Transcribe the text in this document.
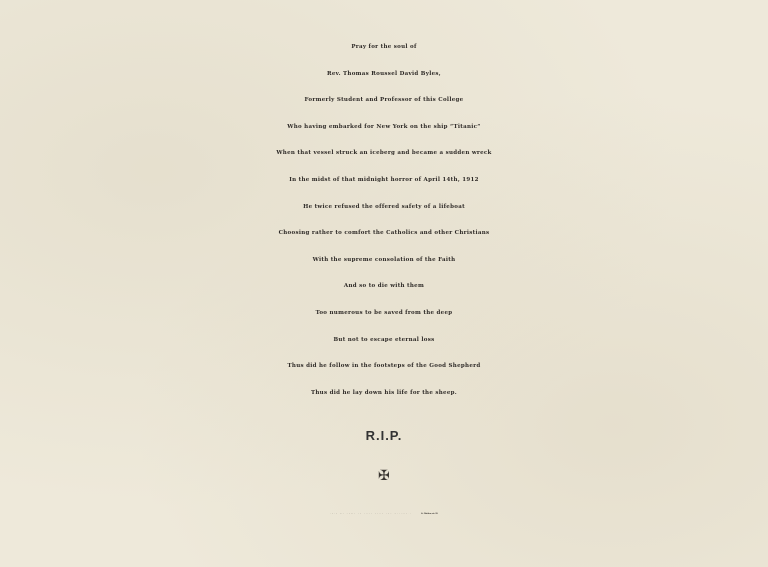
Pray for the soul of
Rev. Thomas Roussel David Byles,
Formerly Student and Professor of this College
Who having embarked for New York on the ship “Titanic”
When that vessel struck an iceberg and became a sudden wreck
In the midst of that midnight horror of April 14th, 1912
He twice refused the offered safety of a lifeboat
Choosing rather to comfort the Catholics and other Christians
With the supreme consolation of the Faith
And so to die with them
Too numerous to be saved from the deep
But not to escape eternal loss
Thus did he follow in the footsteps of the Good Shepherd
Thus did he lay down his life for the sheep.
R.I.P.
✠
“BID ME COME TO THEE UPON THE WATERS.”	St. Matthew, xiv. 28.
